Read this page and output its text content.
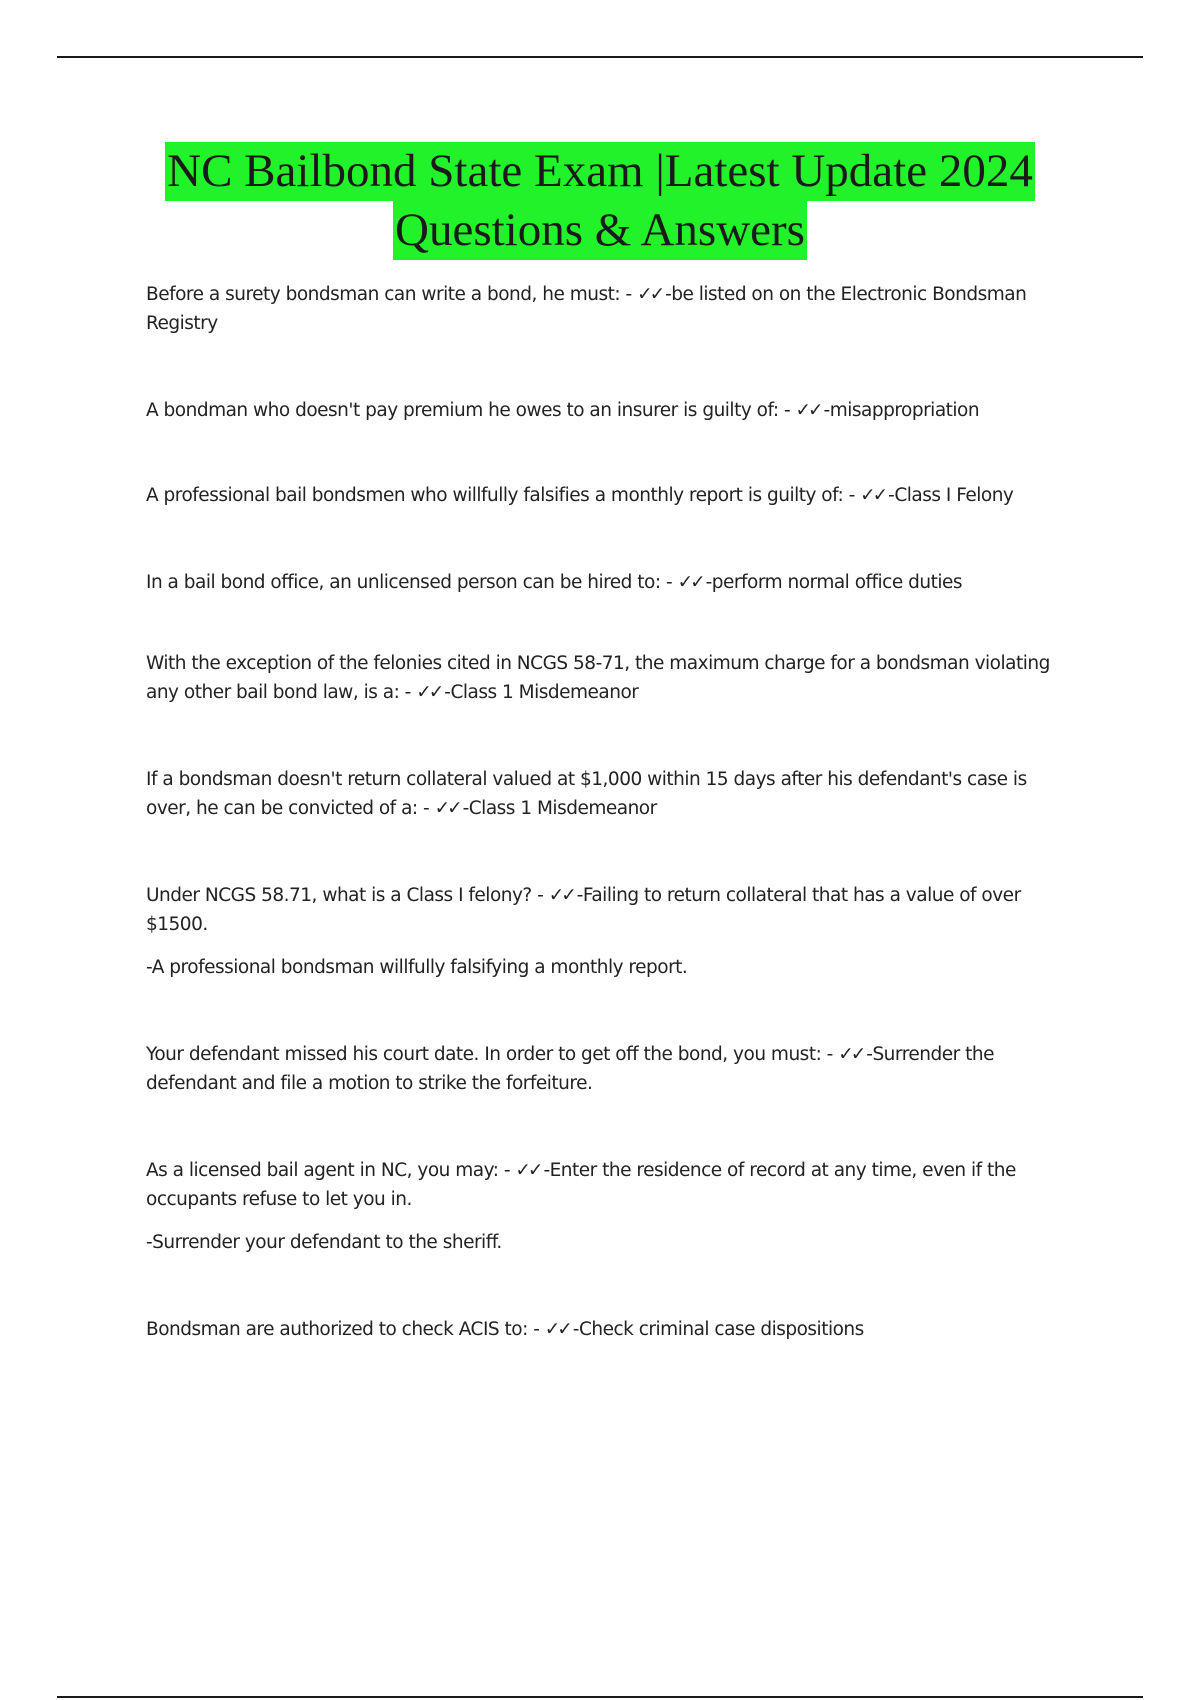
NC Bailbond State Exam |Latest Update 2024
Questions & Answers

Before a surety bondsman can write a bond, he must: - ✓✓ -be listed on on the Electronic Bondsman Registry

A bondman who doesn't pay premium he owes to an insurer is guilty of: - ✓✓ -misappropriation

A professional bail bondsmen who willfully falsifies a monthly report is guilty of: - ✓✓ -Class I Felony

In a bail bond office, an unlicensed person can be hired to: - ✓✓ -perform normal office duties

With the exception of the felonies cited in NCGS 58-71, the maximum charge for a bondsman violating any other bail bond law, is a: - ✓✓ -Class 1 Misdemeanor

If a bondsman doesn't return collateral valued at $1,000 within 15 days after his defendant's case is over, he can be convicted of a: - ✓✓ -Class 1 Misdemeanor

Under NCGS 58.71, what is a Class I felony? - ✓✓ -Failing to return collateral that has a value of over $1500.

-A professional bondsman willfully falsifying a monthly report.

Your defendant missed his court date. In order to get off the bond, you must: - ✓✓ -Surrender the defendant and file a motion to strike the forfeiture.

As a licensed bail agent in NC, you may: - ✓✓ -Enter the residence of record at any time, even if the occupants refuse to let you in.

-Surrender your defendant to the sheriff.

Bondsman are authorized to check ACIS to: - ✓✓ -Check criminal case dispositions
